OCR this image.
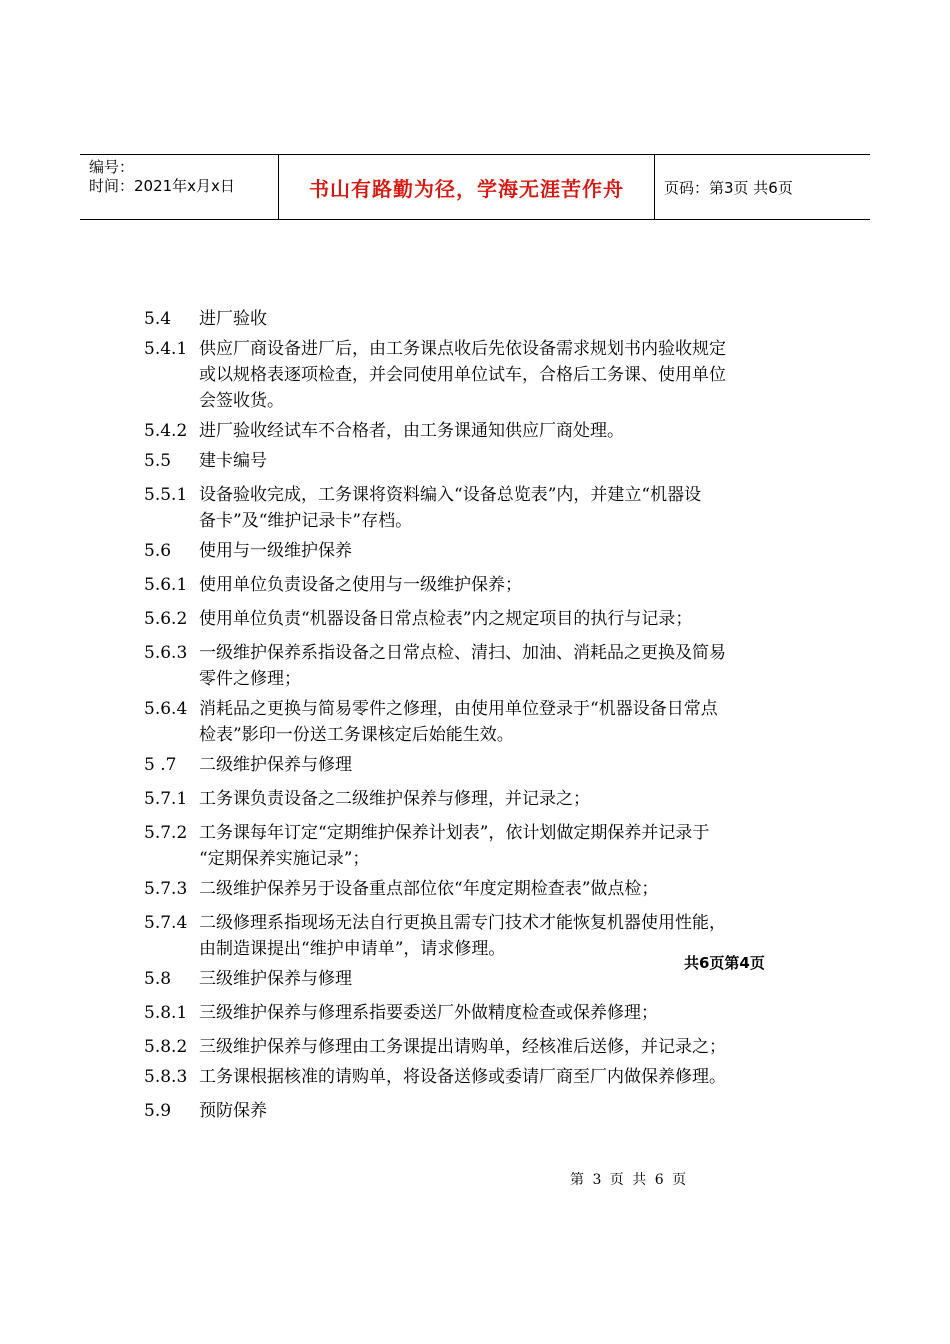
编号：
时间：2021年x月x日	书山有路勤为径，学海无涯苦作舟	页码：第3页 共6页
5.4	进厂验收
5.4.1 供应厂商设备进厂后，由工务课点收后先依设备需求规划书内验收规定
或以规格表逐项检查，并会同使用单位试车，合格后工务课、使用单位
会签收货。
5.4.2 进厂验收经试车不合格者，由工务课通知供应厂商处理。
5.5	建卡编号
5.5.1 设备验收完成，工务课将资料编入“设备总览表”内，并建立“机器设
备卡”及“维护记录卡”存档。
5.6	使用与一级维护保养
5.6.1 使用单位负责设备之使用与一级维护保养；
5.6.2 使用单位负责“机器设备日常点检表”内之规定项目的执行与记录；
5.6.3 一级维护保养系指设备之日常点检、清扫、加油、消耗品之更换及简易
零件之修理；
5.6.4 消耗品之更换与简易零件之修理，由使用单位登录于“机器设备日常点
检表”影印一份送工务课核定后始能生效。
5 .7	二级维护保养与修理
5.7.1 工务课负责设备之二级维护保养与修理，并记录之；
5.7.2 工务课每年订定“定期维护保养计划表”，依计划做定期保养并记录于
“定期保养实施记录”；
5.7.3 二级维护保养另于设备重点部位依“年度定期检查表”做点检；
5.7.4 二级修理系指现场无法自行更换且需专门技术才能恢复机器使用性能，
由制造课提出“维护申请单”，请求修理。
5.8	三级维护保养与修理
5.8.1 三级维护保养与修理系指要委送厂外做精度检查或保养修理；
5.8.2 三级维护保养与修理由工务课提出请购单，经核准后送修，并记录之；
5.8.3 工务课根据核准的请购单，将设备送修或委请厂商至厂内做保养修理。
5.9	预防保养
共6页第4页
第 3 页 共 6 页
